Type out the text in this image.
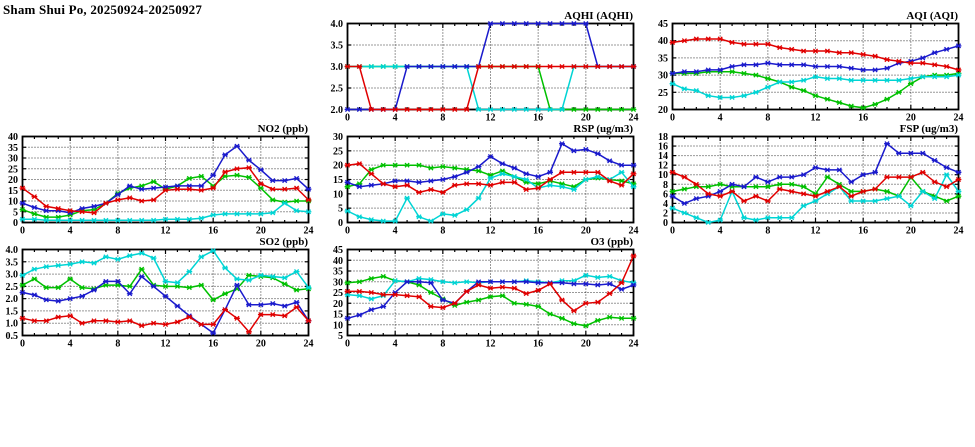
Sham Shui Po, 20250924-20250927	AQHI (AQHI)
2.0
2.5
3.0
3.5
4.0
0	4	8	12	16	20	24
AQI (AQI)
20
25
30
35
40
45
0	4	8	12	16	20	24
NO2 (ppb)
0
5
10
15
20
25
30
35
40
0	4	8	12	16	20	24
RSP (ug/m3)
0
5
10
15
20
25
30
0	4	8	12	16	20	24
FSP (ug/m3)
0
2
4
6
8
10
12
14
16
18
0	4	8	12	16	20	24
SO2 (ppb)
0.5
1.0
1.5
2.0
2.5
3.0
3.5
4.0
0	4	8	12	16	20	24
O3 (ppb)
5
10
15
20
25
30
35
40
45
0	4	8	12	16	20	24
